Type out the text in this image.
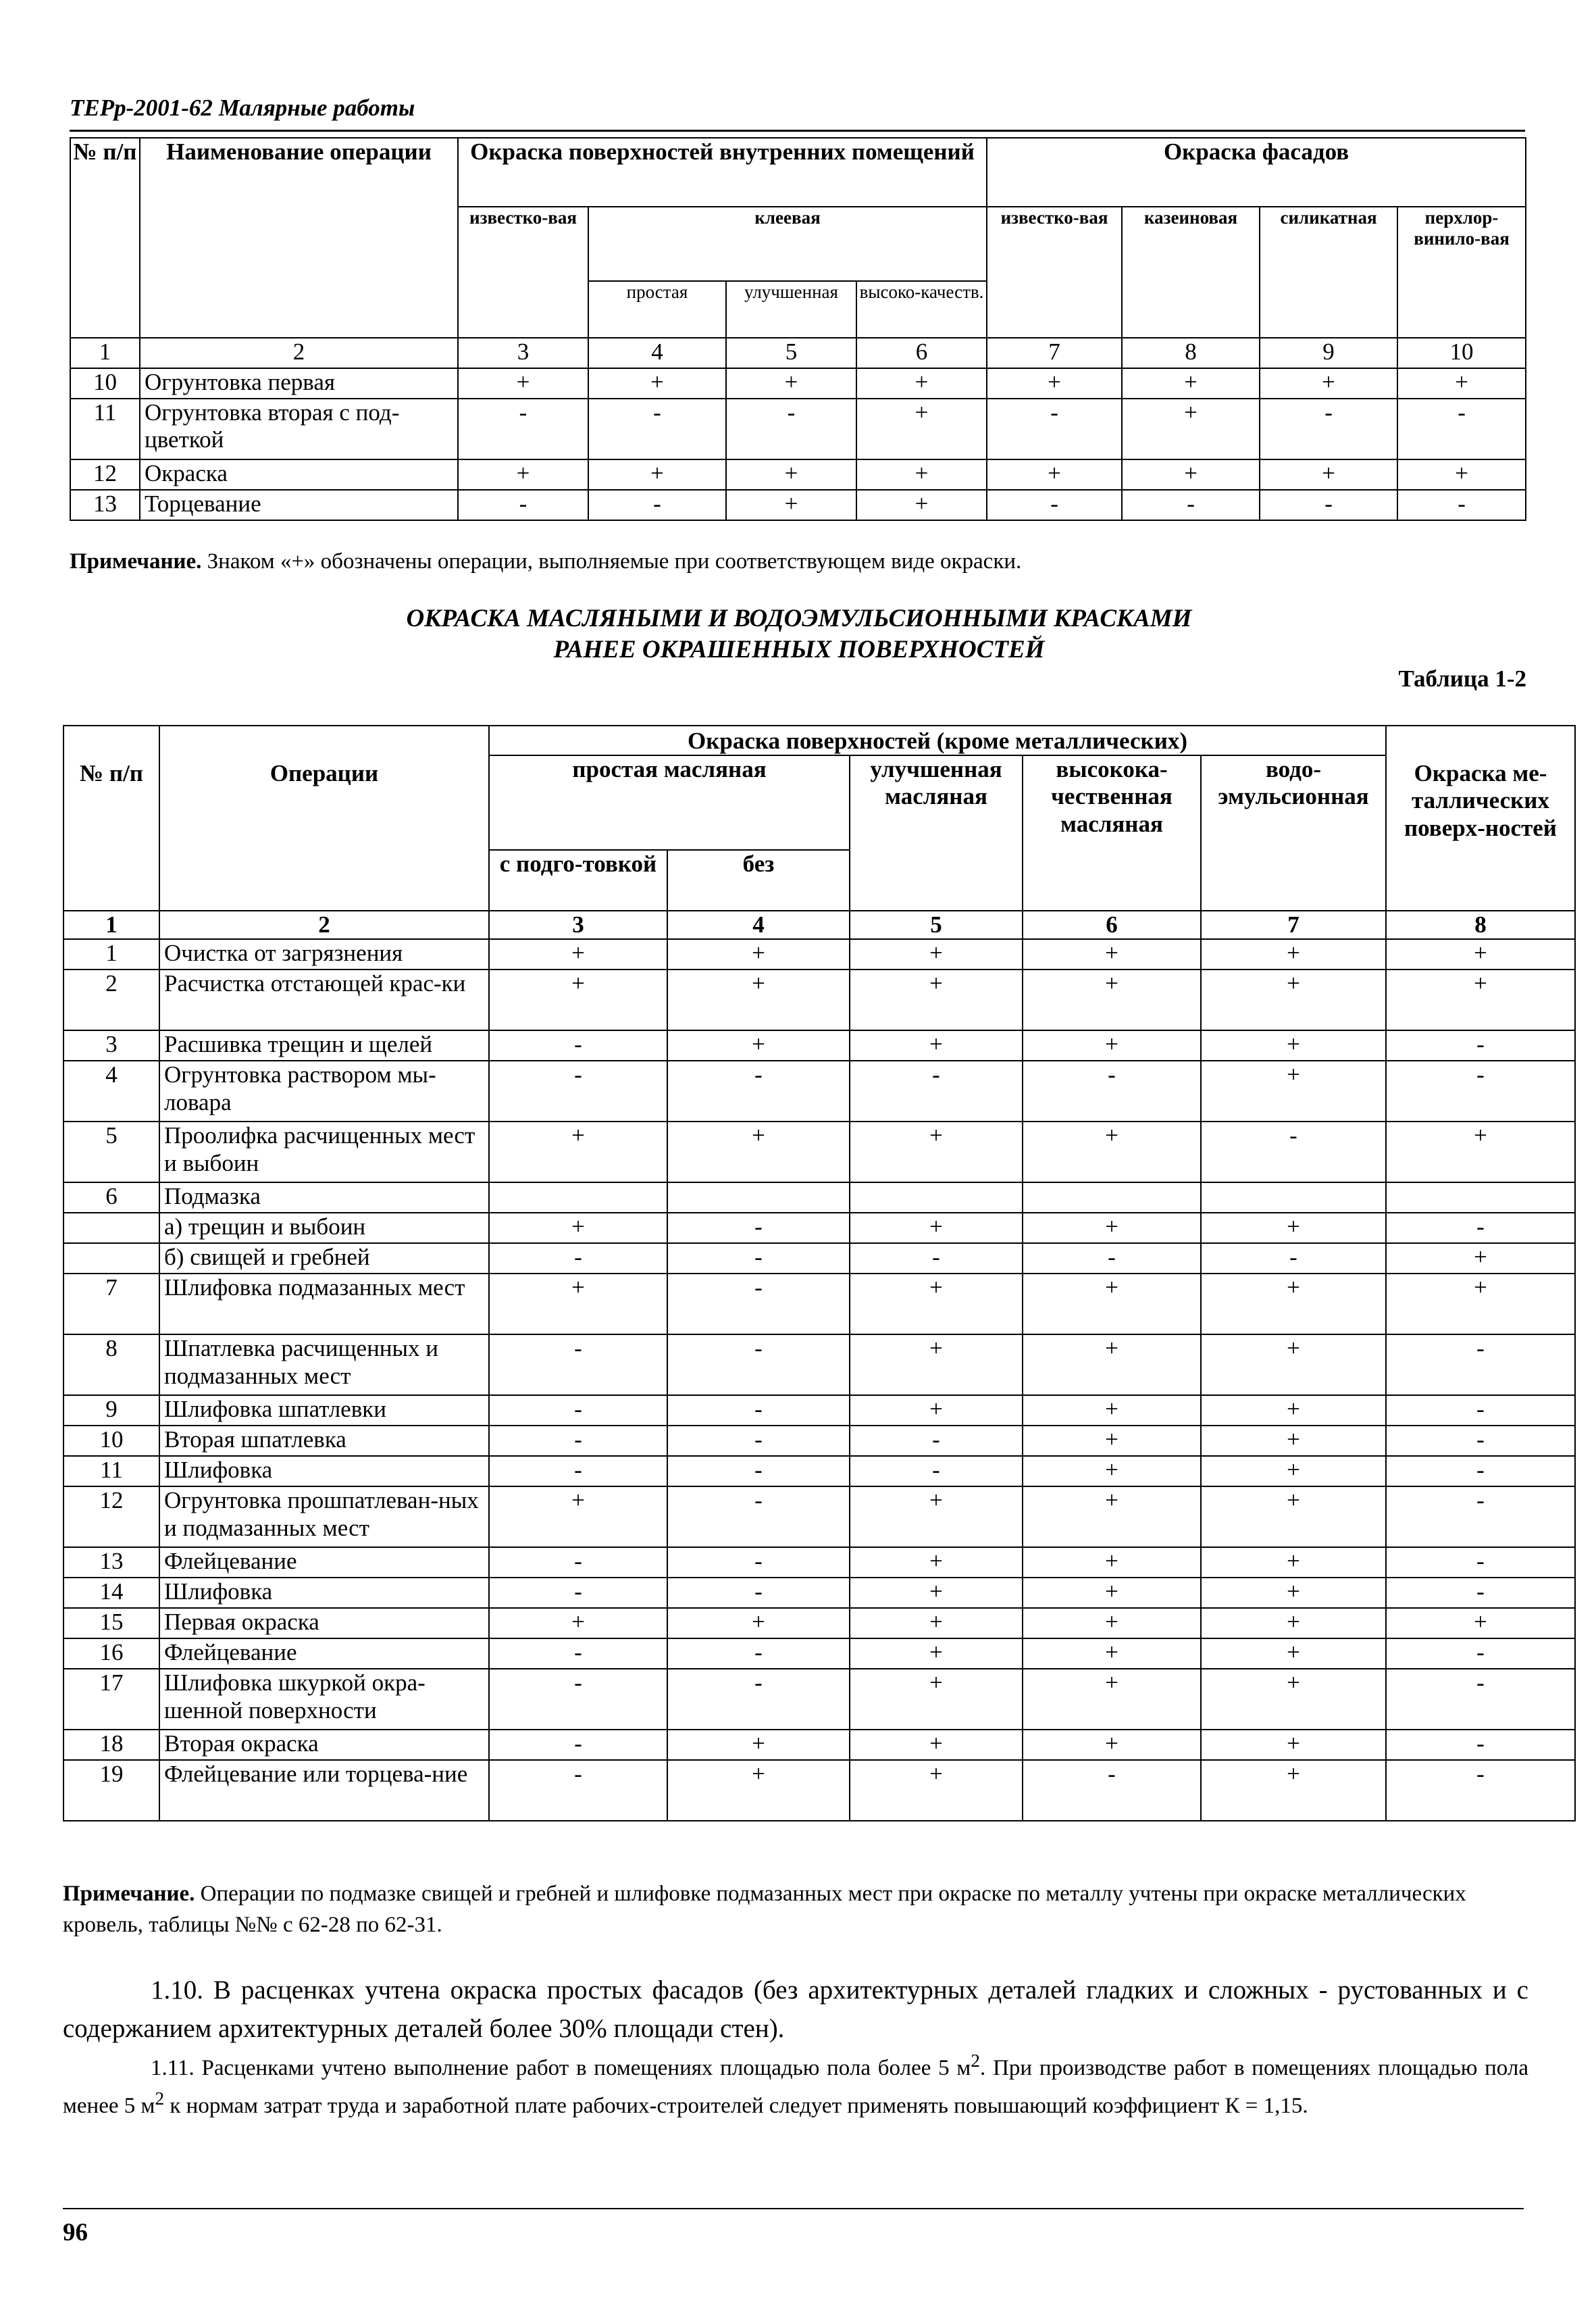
ТЕРр-2001-62 Малярные работы
№ п/п	Наименование операции	Окраска поверхностей внутренних помещений				Окраска фасадов			
		известко-вая	клеевая			известко-вая	казеиновая	силикатная	перхлор-винило-вая
			простая	улучшенная	высоко-качеств.				
1	2	3	4	5	6	7	8	9	10
10	Огрунтовка первая	+	+	+	+	+	+	+	+
11	Огрунтовка вторая с под-цветкой	-	-	-	+	-	+	-	-
12	Окраска	+	+	+	+	+	+	+	+
13	Торцевание	-	-	+	+	-	-	-	-
Примечание. Знаком «+» обозначены операции, выполняемые при соответствующем виде окраски.
ОКРАСКА МАСЛЯНЫМИ И ВОДОЭМУЛЬСИОННЫМИ КРАСКАМИ
РАНЕЕ ОКРАШЕННЫХ ПОВЕРХНОСТЕЙ
Таблица 1-2
№ п/п	Операции	Окраска поверхностей (кроме металлических)					Окраска ме-таллических поверх-ностей
		простая масляная		улучшенная масляная	высокока-чественная масляная	водо-эмульсионная	
		с подго-товкой	без				
1	2	3	4	5	6	7	8
1	Очистка от загрязнения	+	+	+	+	+	+
2	Расчистка отстающей крас-ки	+	+	+	+	+	+
3	Расшивка трещин и щелей	-	+	+	+	+	-
4	Огрунтовка раствором мы-ловара	-	-	-	-	+	-
5	Проолифка расчищенных мест и выбоин	+	+	+	+	-	+
6	Подмазка						
	а) трещин и выбоин	+	-	+	+	+	-
	б) свищей и гребней	-	-	-	-	-	+
7	Шлифовка подмазанных мест	+	-	+	+	+	+
8	Шпатлевка расчищенных и подмазанных мест	-	-	+	+	+	-
9	Шлифовка шпатлевки	-	-	+	+	+	-
10	Вторая шпатлевка	-	-	-	+	+	-
11	Шлифовка	-	-	-	+	+	-
12	Огрунтовка прошпатлеван-ных и подмазанных мест	+	-	+	+	+	-
13	Флейцевание	-	-	+	+	+	-
14	Шлифовка	-	-	+	+	+	-
15	Первая окраска	+	+	+	+	+	+
16	Флейцевание	-	-	+	+	+	-
17	Шлифовка шкуркой окра-шенной поверхности	-	-	+	+	+	-
18	Вторая окраска	-	+	+	+	+	-
19	Флейцевание или торцева-ние	-	+	+	-	+	-
Примечание. Операции по подмазке свищей и гребней и шлифовке подмазанных мест при окраске по металлу учтены при окраске металлических кровель, таблицы №№ с 62-28 по 62-31.
1.10. В расценках учтена окраска простых фасадов (без архитектурных деталей гладких и сложных - рустованных и с содержанием архитектурных деталей более 30% площади стен).
1.11. Расценками учтено выполнение работ в помещениях площадью пола более 5 $м^2$. При производстве работ в помещениях площадью пола менее 5 $м^2$ к нормам затрат труда и заработной плате рабочих-строителей следует применять повышающий коэффициент К = 1,15.
96
